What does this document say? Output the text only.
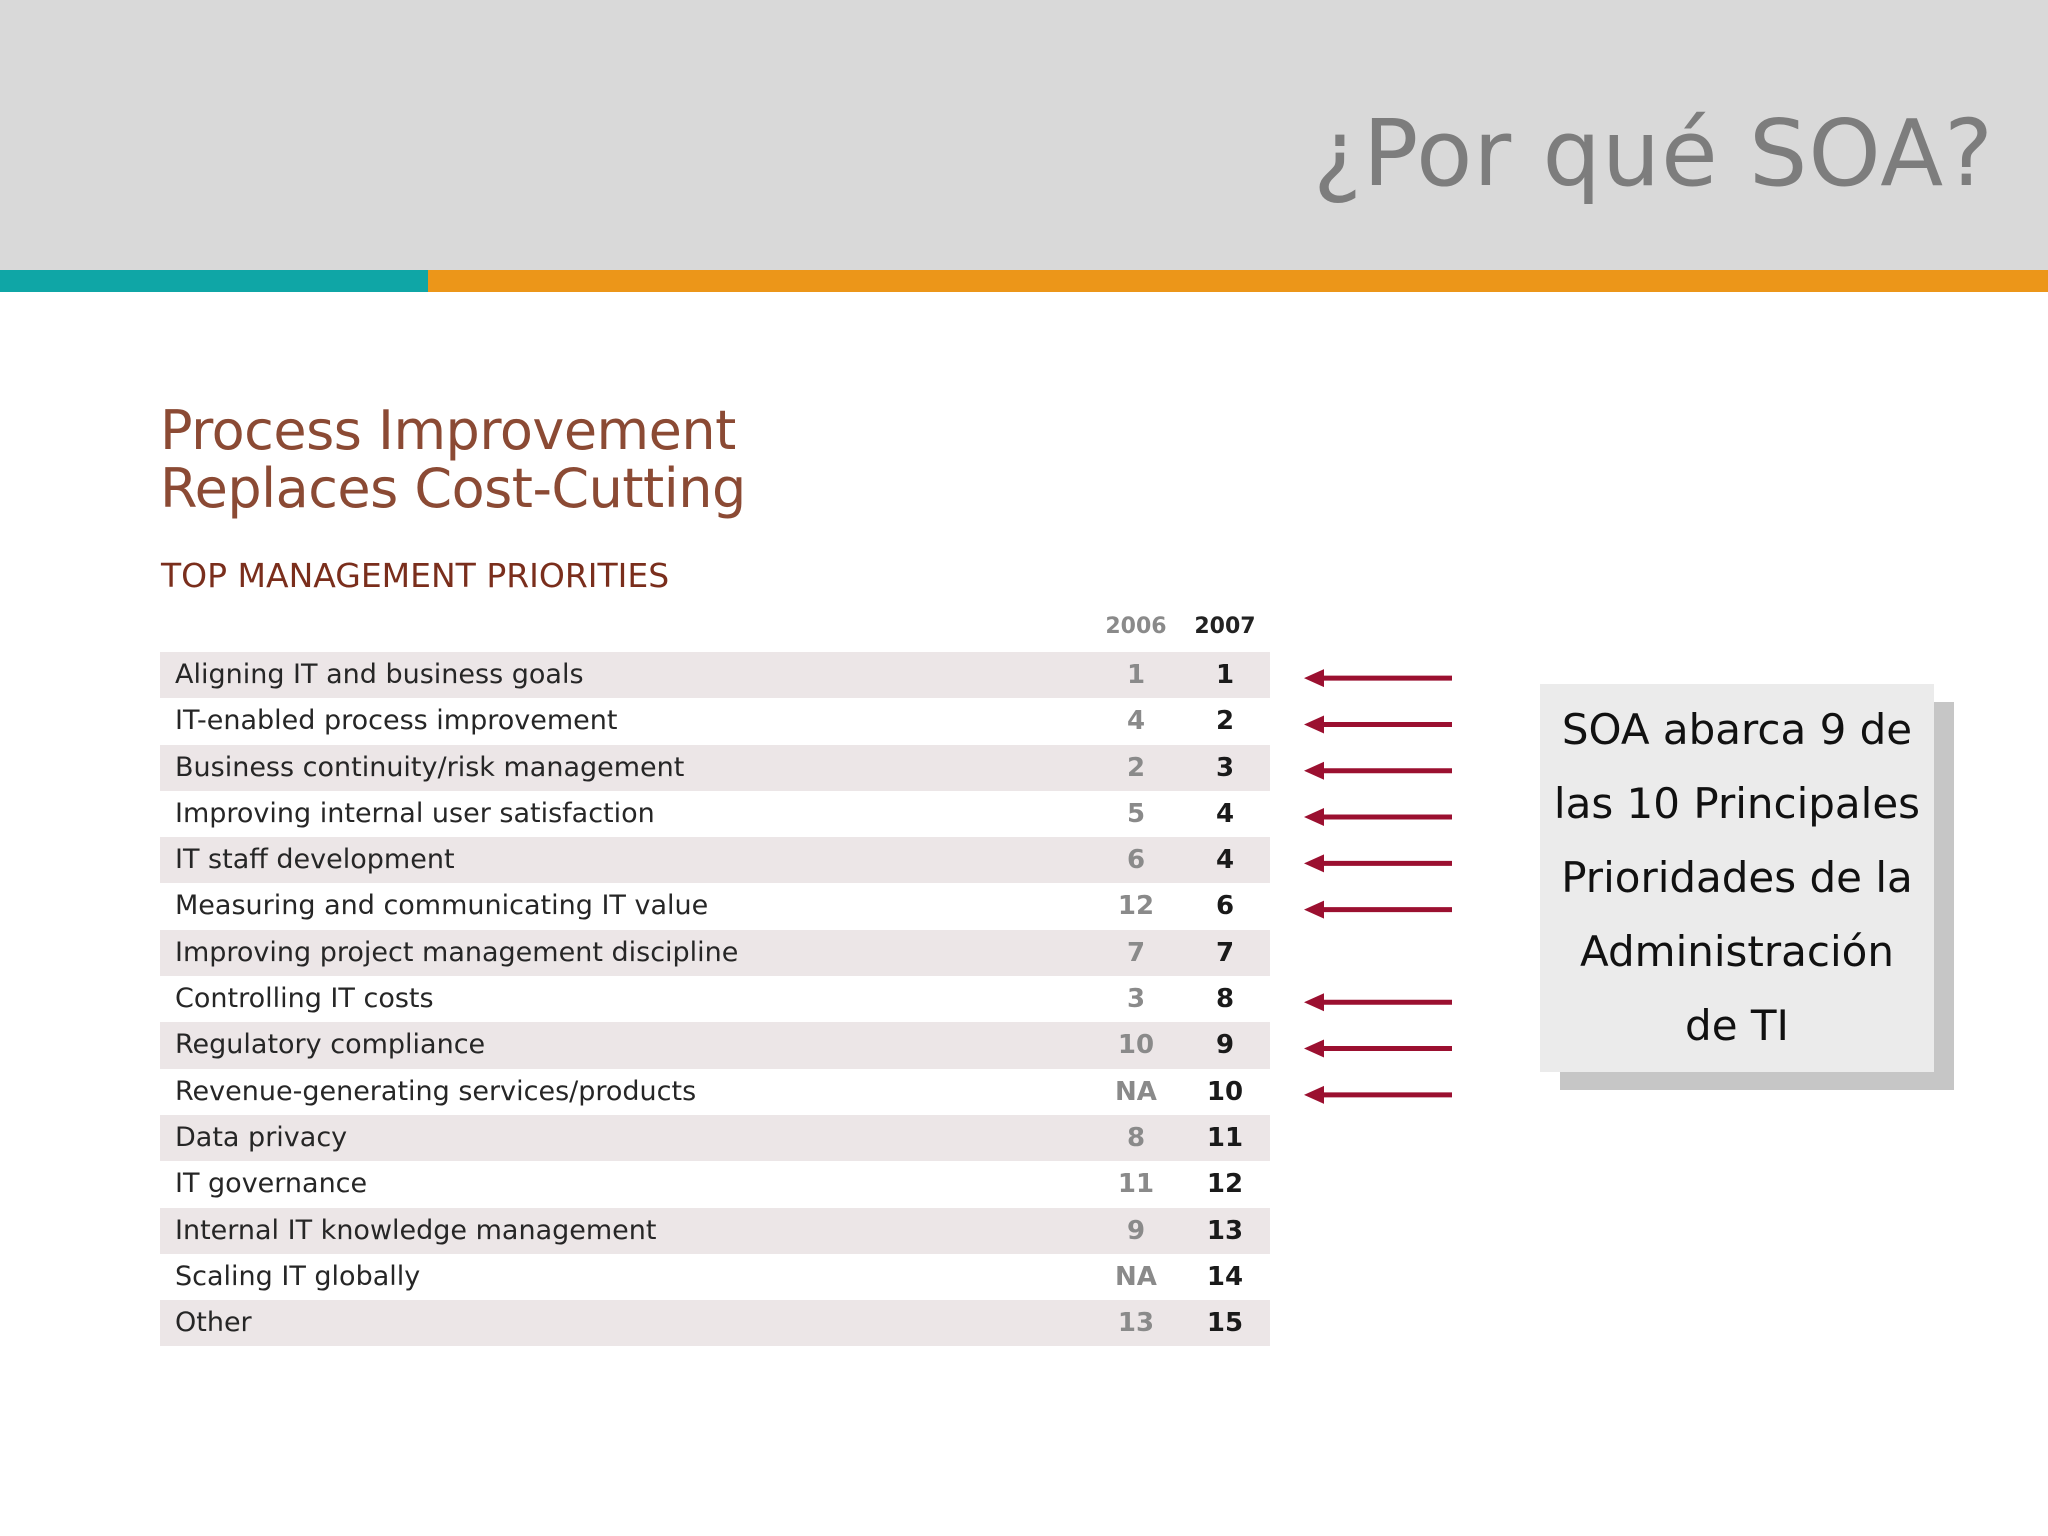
¿Por qué SOA?
Process Improvement
Replaces Cost-Cutting
TOP MANAGEMENT PRIORITIES
2006	2007
Aligning IT and business goals	1	1
IT-enabled process improvement	4	2
Business continuity/risk management	2	3
Improving internal user satisfaction	5	4
IT staff development	6	4
Measuring and communicating IT value	12	6
Improving project management discipline	7	7
Controlling IT costs	3	8
Regulatory compliance	10	9
Revenue-generating services/products	NA	10
Data privacy	8	11
IT governance	11	12
Internal IT knowledge management	9	13
Scaling IT globally	NA	14
Other	13	15
SOA abarca 9 de
las 10 Principales
Prioridades de la
Administración
de TI
